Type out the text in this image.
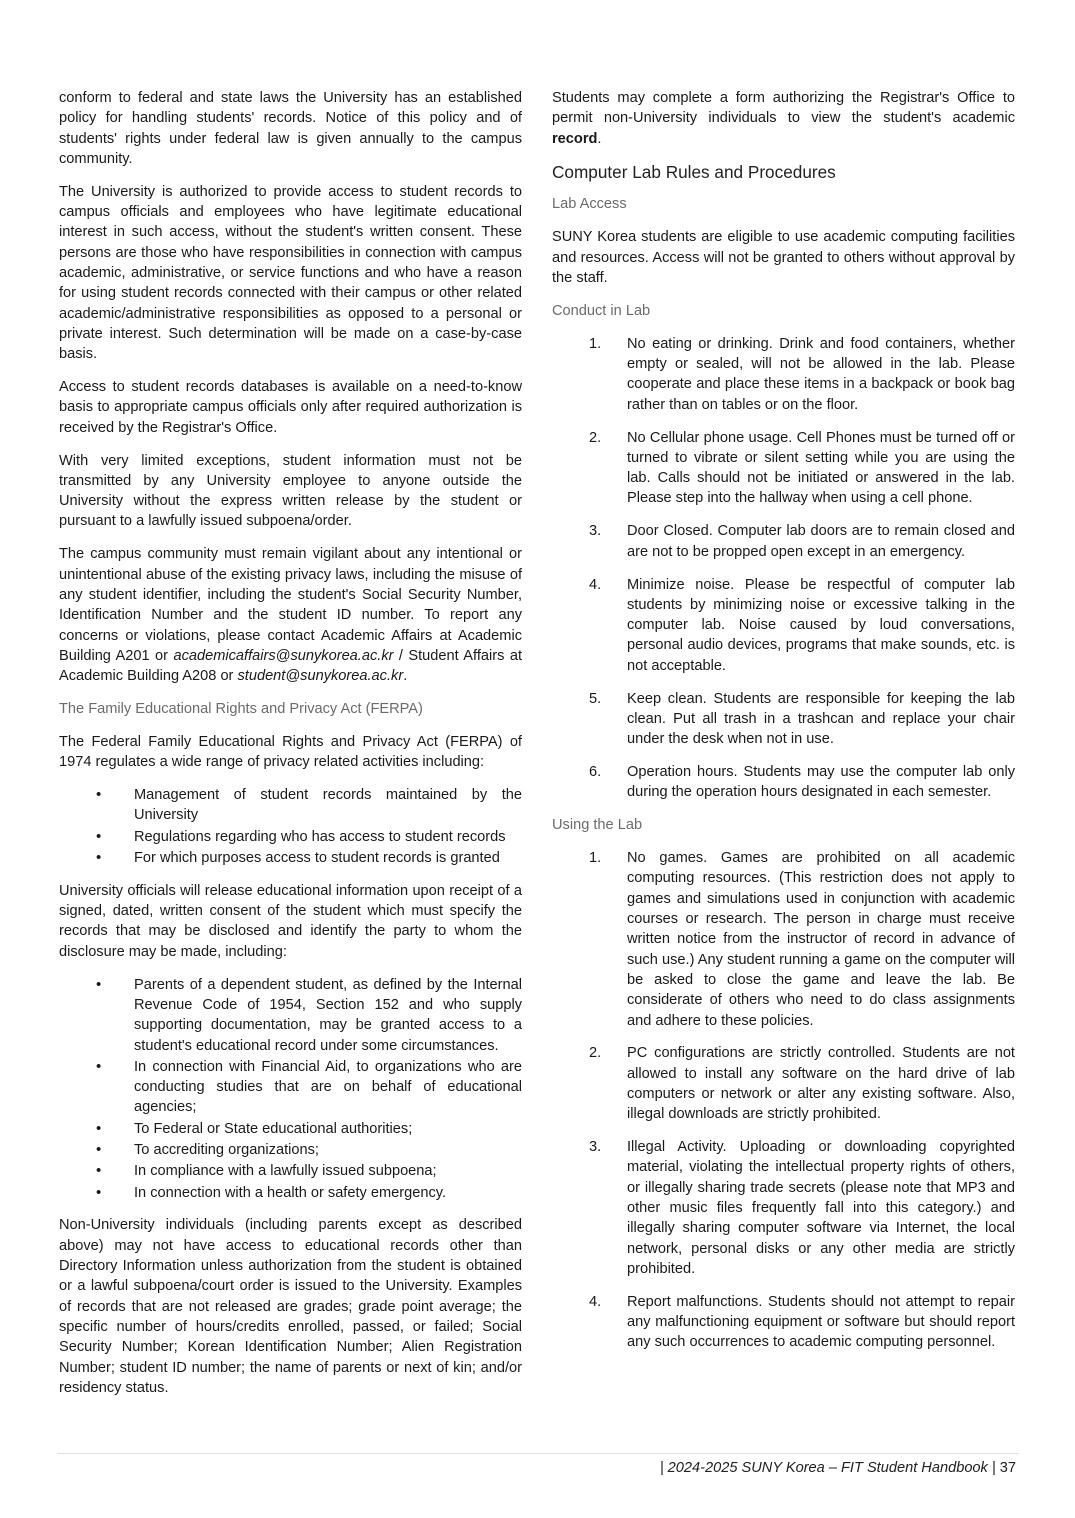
conform to federal and state laws the University has an established policy for handling students' records. Notice of this policy and of students' rights under federal law is given annually to the campus community.

The University is authorized to provide access to student records to campus officials and employees who have legitimate educational interest in such access, without the student's written consent. These persons are those who have responsibilities in connection with campus academic, administrative, or service functions and who have a reason for using student records connected with their campus or other related academic/administrative responsibilities as opposed to a personal or private interest. Such determination will be made on a case-by-case basis.

Access to student records databases is available on a need-to-know basis to appropriate campus officials only after required authorization is received by the Registrar's Office.

With very limited exceptions, student information must not be transmitted by any University employee to anyone outside the University without the express written release by the student or pursuant to a lawfully issued subpoena/order.

The campus community must remain vigilant about any intentional or unintentional abuse of the existing privacy laws, including the misuse of any student identifier, including the student's Social Security Number, Identification Number and the student ID number. To report any concerns or violations, please contact Academic Affairs at Academic Building A201 or academicaffairs@sunykorea.ac.kr / Student Affairs at Academic Building A208 or student@sunykorea.ac.kr.

The Family Educational Rights and Privacy Act (FERPA)

The Federal Family Educational Rights and Privacy Act (FERPA) of 1974 regulates a wide range of privacy related activities including:

• Management of student records maintained by the University
• Regulations regarding who has access to student records
• For which purposes access to student records is granted

University officials will release educational information upon receipt of a signed, dated, written consent of the student which must specify the records that may be disclosed and identify the party to whom the disclosure may be made, including:

• Parents of a dependent student, as defined by the Internal Revenue Code of 1954, Section 152 and who supply supporting documentation, may be granted access to a student's educational record under some circumstances.
• In connection with Financial Aid, to organizations who are conducting studies that are on behalf of educational agencies;
• To Federal or State educational authorities;
• To accrediting organizations;
• In compliance with a lawfully issued subpoena;
• In connection with a health or safety emergency.

Non-University individuals (including parents except as described above) may not have access to educational records other than Directory Information unless authorization from the student is obtained or a lawful subpoena/court order is issued to the University. Examples of records that are not released are grades; grade point average; the specific number of hours/credits enrolled, passed, or failed; Social Security Number; Korean Identification Number; Alien Registration Number; student ID number; the name of parents or next of kin; and/or residency status.

Students may complete a form authorizing the Registrar's Office to permit non-University individuals to view the student's academic record.

Computer Lab Rules and Procedures
Lab Access

SUNY Korea students are eligible to use academic computing facilities and resources. Access will not be granted to others without approval by the staff.

Conduct in Lab
1. No eating or drinking. Drink and food containers, whether empty or sealed, will not be allowed in the lab. Please cooperate and place these items in a backpack or book bag rather than on tables or on the floor.
2. No Cellular phone usage. Cell Phones must be turned off or turned to vibrate or silent setting while you are using the lab. Calls should not be initiated or answered in the lab. Please step into the hallway when using a cell phone.
3. Door Closed. Computer lab doors are to remain closed and are not to be propped open except in an emergency.
4. Minimize noise. Please be respectful of computer lab students by minimizing noise or excessive talking in the computer lab. Noise caused by loud conversations, personal audio devices, programs that make sounds, etc. is not acceptable.
5. Keep clean. Students are responsible for keeping the lab clean. Put all trash in a trashcan and replace your chair under the desk when not in use.
6. Operation hours. Students may use the computer lab only during the operation hours designated in each semester.
Using the Lab
1. No games. Games are prohibited on all academic computing resources. (This restriction does not apply to games and simulations used in conjunction with academic courses or research. The person in charge must receive written notice from the instructor of record in advance of such use.) Any student running a game on the computer will be asked to close the game and leave the lab. Be considerate of others who need to do class assignments and adhere to these policies.
2. PC configurations are strictly controlled. Students are not allowed to install any software on the hard drive of lab computers or network or alter any existing software. Also, illegal downloads are strictly prohibited.
3. Illegal Activity. Uploading or downloading copyrighted material, violating the intellectual property rights of others, or illegally sharing trade secrets (please note that MP3 and other music files frequently fall into this category.) and illegally sharing computer software via Internet, the local network, personal disks or any other media are strictly prohibited.
4. Report malfunctions. Students should not attempt to repair any malfunctioning equipment or software but should report any such occurrences to academic computing personnel.
| 2024-2025 SUNY Korea – FIT Student Handbook | 37
